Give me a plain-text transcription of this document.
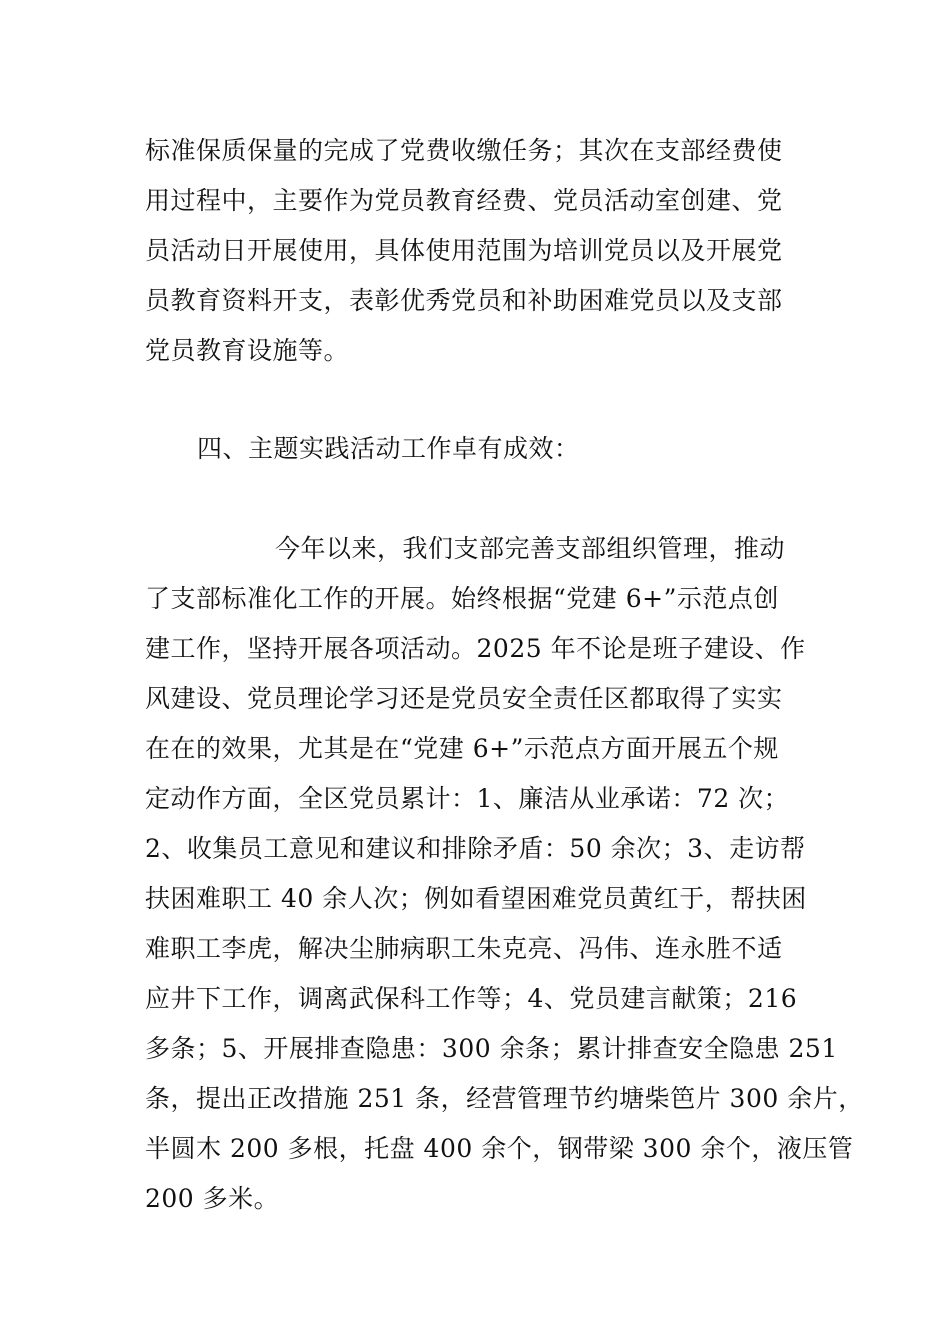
标准保质保量的完成了党费收缴任务；其次在支部经费使
用过程中，主要作为党员教育经费、党员活动室创建、党
员活动日开展使用，具体使用范围为培训党员以及开展党
员教育资料开支，表彰优秀党员和补助困难党员以及支部
党员教育设施等。
四、主题实践活动工作卓有成效：
今年以来，我们支部完善支部组织管理，推动
了支部标准化工作的开展。始终根据“党建 6+”示范点创
建工作，坚持开展各项活动。2025 年不论是班子建设、作
风建设、党员理论学习还是党员安全责任区都取得了实实
在在的效果，尤其是在“党建 6+”示范点方面开展五个规
定动作方面，全区党员累计：1、廉洁从业承诺：72 次；
2、收集员工意见和建议和排除矛盾：50 余次；3、走访帮
扶困难职工 40 余人次；例如看望困难党员黄红于，帮扶困
难职工李虎，解决尘肺病职工朱克亮、冯伟、连永胜不适
应井下工作，调离武保科工作等；4、党员建言献策；216
多条；5、开展排查隐患：300 余条；累计排查安全隐患 251
条，提出正改措施 251 条，经营管理节约塘柴笆片 300 余片，
半圆木 200 多根，托盘 400 余个，钢带梁 300 余个，液压管
200 多米。
